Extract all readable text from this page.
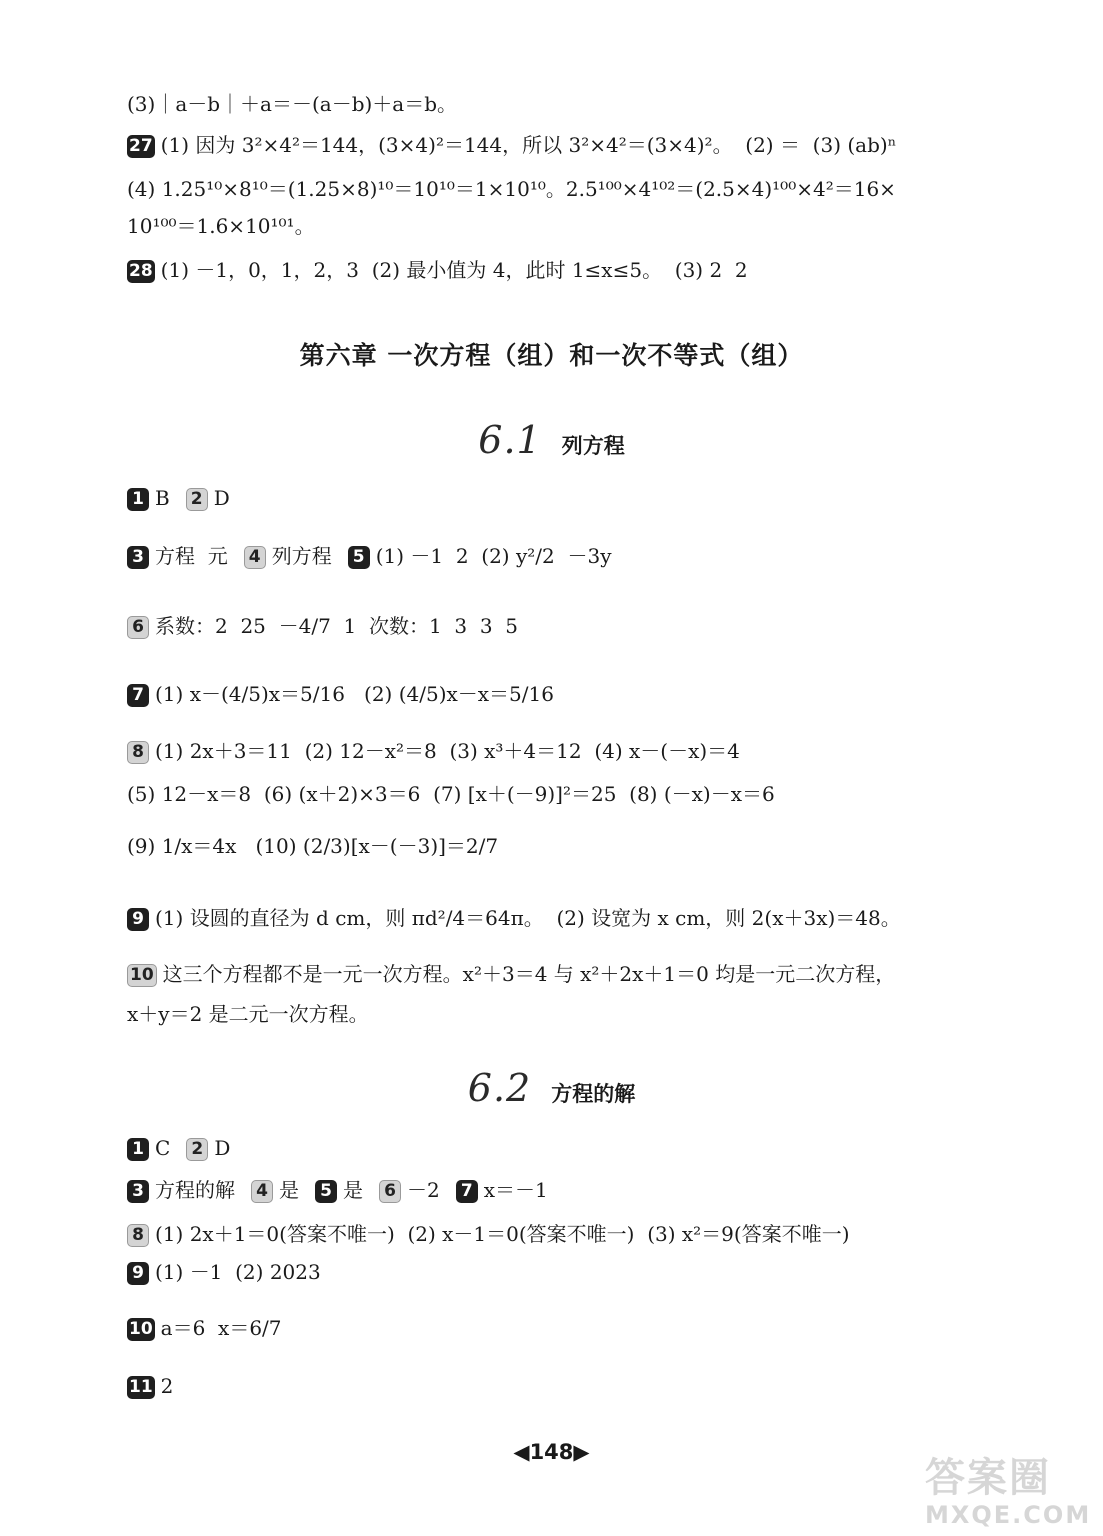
(3)｜a－b｜＋a＝－(a－b)＋a＝b。
27 (1) 因为 3²×4²＝144，(3×4)²＝144，所以 3²×4²＝(3×4)²。  (2) ＝  (3) (ab)ⁿ
(4) 1.25¹⁰×8¹⁰＝(1.25×8)¹⁰＝10¹⁰＝1×10¹⁰。2.5¹⁰⁰×4¹⁰²＝(2.5×4)¹⁰⁰×4²＝16×
10¹⁰⁰＝1.6×10¹⁰¹。
28 (1) －1，0，1，2，3  (2) 最小值为 4，此时 1≤x≤5。  (3) 2  2
第六章 一次方程（组）和一次不等式（组）
6.1 列方程
1 B 2 D
3 方程  元 4 列方程 5 (1) －1  2  (2) y²/2  －3y
6 系数：2  25  －4/7  1  次数：1  3  3  5
7 (1) x－(4/5)x＝5/16   (2) (4/5)x－x＝5/16
8 (1) 2x＋3＝11  (2) 12－x²＝8  (3) x³＋4＝12  (4) x－(－x)＝4
(5) 12－x＝8  (6) (x＋2)×3＝6  (7) [x＋(－9)]²＝25  (8) (－x)－x＝6
(9) 1/x＝4x   (10) (2/3)[x－(－3)]＝2/7
9 (1) 设圆的直径为 d cm，则 πd²/4＝64π。  (2) 设宽为 x cm，则 2(x＋3x)＝48。
10 这三个方程都不是一元一次方程。x²＋3＝4 与 x²＋2x＋1＝0 均是一元二次方程，
x＋y＝2 是二元一次方程。
6.2 方程的解
1 C 2 D
3 方程的解 4 是 5 是 6 －2 7 x＝－1
8 (1) 2x＋1＝0(答案不唯一)  (2) x－1＝0(答案不唯一)  (3) x²＝9(答案不唯一)
9 (1) －1  (2) 2023
10 a＝6  x＝6/7
11 2
◀148▶
答案圈
MXQE.COM
